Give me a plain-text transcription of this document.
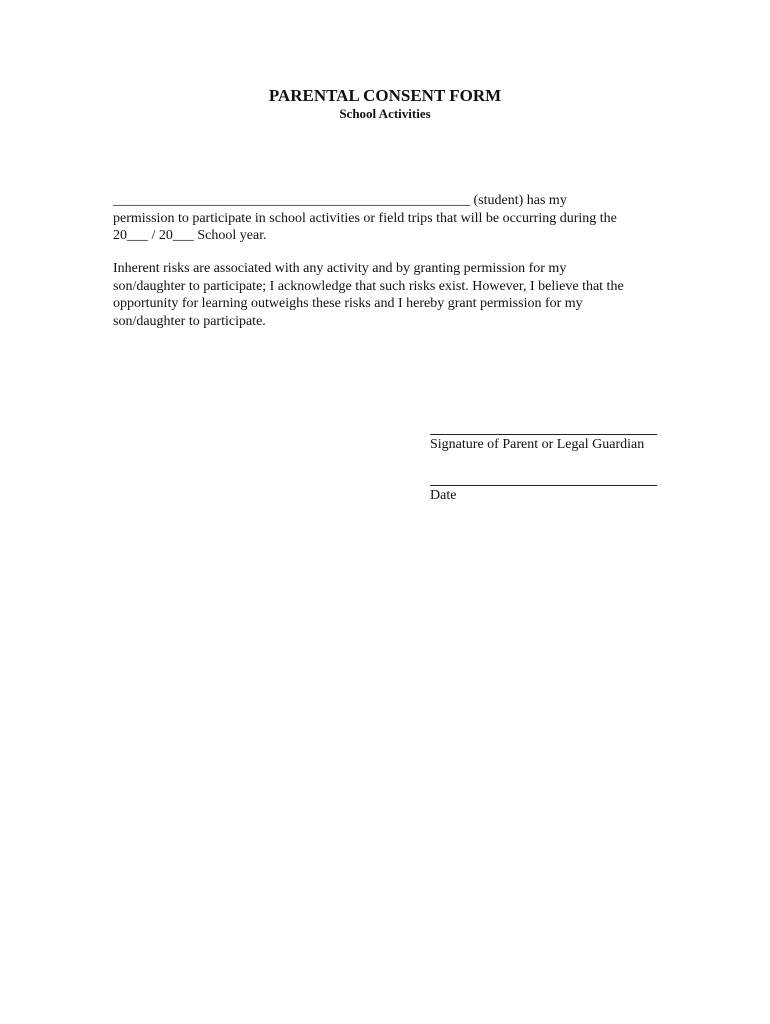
PARENTAL CONSENT FORM
School Activities

___________________________________________________ (student) has my
permission to participate in school activities or field trips that will be occurring during the
20___ / 20___ School year.

Inherent risks are associated with any activity and by granting permission for my
son/daughter to participate; I acknowledge that such risks exist. However, I believe that the
opportunity for learning outweighs these risks and I hereby grant permission for my
son/daughter to participate.

Signature of Parent or Legal Guardian
Date
